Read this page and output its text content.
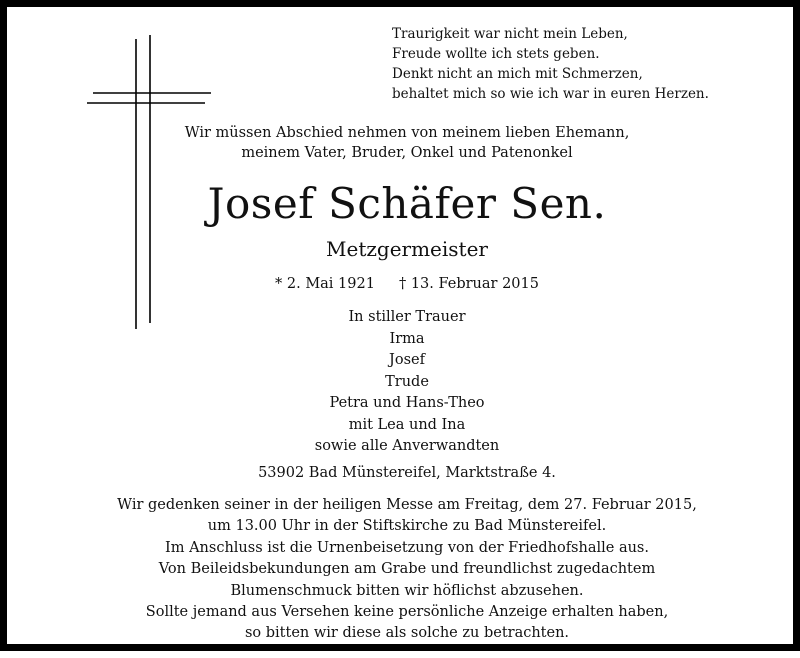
Traurigkeit war nicht mein Leben,
Freude wollte ich stets geben.
Denkt nicht an mich mit Schmerzen,
behaltet mich so wie ich war in euren Herzen.
Wir müssen Abschied nehmen von meinem lieben Ehemann,
meinem Vater, Bruder, Onkel und Patenonkel
Josef Schäfer Sen.
Metzgermeister
* 2. Mai 1921 † 13. Februar 2015
In stiller Trauer
Irma
Josef
Trude
Petra und Hans-Theo
mit Lea und Ina
sowie alle Anverwandten
53902 Bad Münstereifel, Marktstraße 4.
Wir gedenken seiner in der heiligen Messe am Freitag, dem 27. Februar 2015,
um 13.00 Uhr in der Stiftskirche zu Bad Münstereifel.
Im Anschluss ist die Urnenbeisetzung von der Friedhofshalle aus.
Von Beileidsbekundungen am Grabe und freundlichst zugedachtem
Blumenschmuck bitten wir höflichst abzusehen.
Sollte jemand aus Versehen keine persönliche Anzeige erhalten haben,
so bitten wir diese als solche zu betrachten.
